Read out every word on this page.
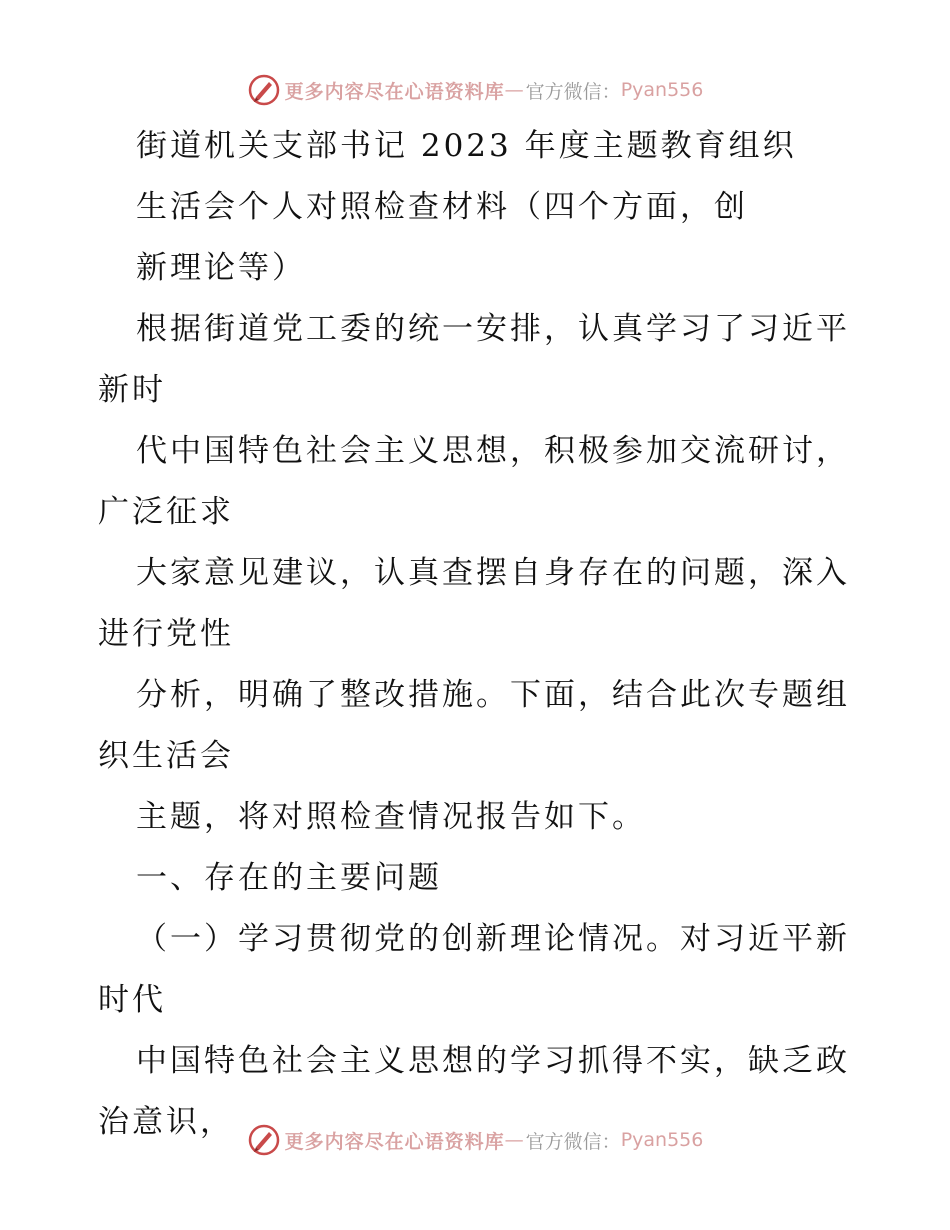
更多内容尽在心语资料库 — 官方微信： Pyan556
街道机关支部书记 2023 年度主题教育组织
生活会个人对照检查材料（四个方面，创
新理论等）
根据街道党工委的统一安排，认真学习了习近平
新时
代中国特色社会主义思想，积极参加交流研讨，
广泛征求
大家意见建议，认真查摆自身存在的问题，深入
进行党性
分析，明确了整改措施。下面，结合此次专题组
织生活会
主题，将对照检查情况报告如下。
一、存在的主要问题
（一）学习贯彻党的创新理论情况。对习近平新
时代
中国特色社会主义思想的学习抓得不实，缺乏政
治意识，
更多内容尽在心语资料库 — 官方微信： Pyan556
